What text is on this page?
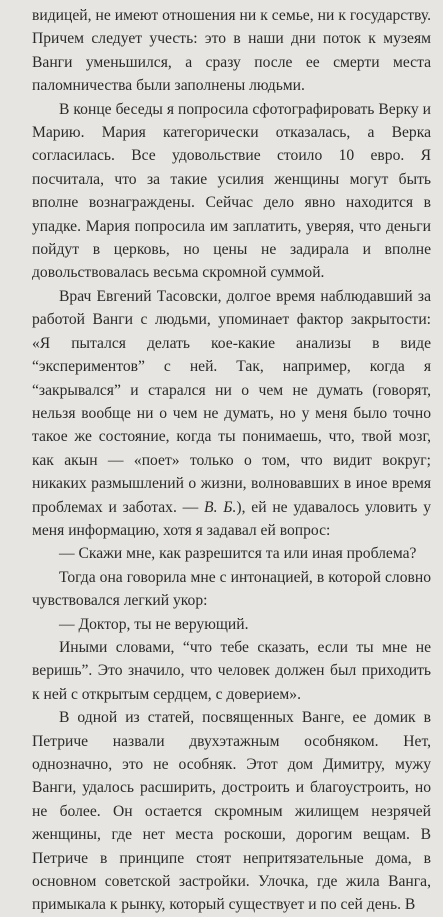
видицей, не имеют отношения ни к семье, ни к государству. Причем следует учесть: это в наши дни поток к музеям Ванги уменьшился, а сразу после ее смерти места паломничества были заполнены людьми.

В конце беседы я попросила сфотографировать Верку и Марию. Мария категорически отказалась, а Верка согласилась. Все удовольствие стоило 10 евро. Я посчитала, что за такие усилия женщины могут быть вполне вознаграждены. Сейчас дело явно находится в упадке. Мария попросила им заплатить, уверяя, что деньги пойдут в церковь, но цены не задирала и вполне довольствовалась весьма скромной суммой.

Врач Евгений Тасовски, долгое время наблюдавший за работой Ванги с людьми, упоминает фактор закрытости: «Я пытался делать кое-какие анализы в виде “экспериментов” с ней. Так, например, когда я “закрывался” и старался ни о чем не думать (говорят, нельзя вообще ни о чем не думать, но у меня было точно такое же состояние, когда ты понимаешь, что, твой мозг, как акын — «поет» только о том, что видит вокруг; никаких размышлений о жизни, волновавших в иное время проблемах и заботах. — В. Б.), ей не удавалось уловить у меня информацию, хотя я задавал ей вопрос:

— Скажи мне, как разрешится та или иная проблема?

Тогда она говорила мне с интонацией, в которой словно чувствовался легкий укор:

— Доктор, ты не верующий.

Иными словами, “что тебе сказать, если ты мне не веришь”. Это значило, что человек должен был приходить к ней с открытым сердцем, с доверием».

В одной из статей, посвященных Ванге, ее домик в Петриче назвали двухэтажным особняком. Нет, однозначно, это не особняк. Этот дом Димитру, мужу Ванги, удалось расширить, достроить и благоустроить, но не более. Он остается скромным жилищем незрячей женщины, где нет места роскоши, дорогим вещам. В Петриче в принципе стоят непритязательные дома, в основном советской застройки. Улочка, где жила Ванга, примыкала к рынку, который существует и по сей день. В
